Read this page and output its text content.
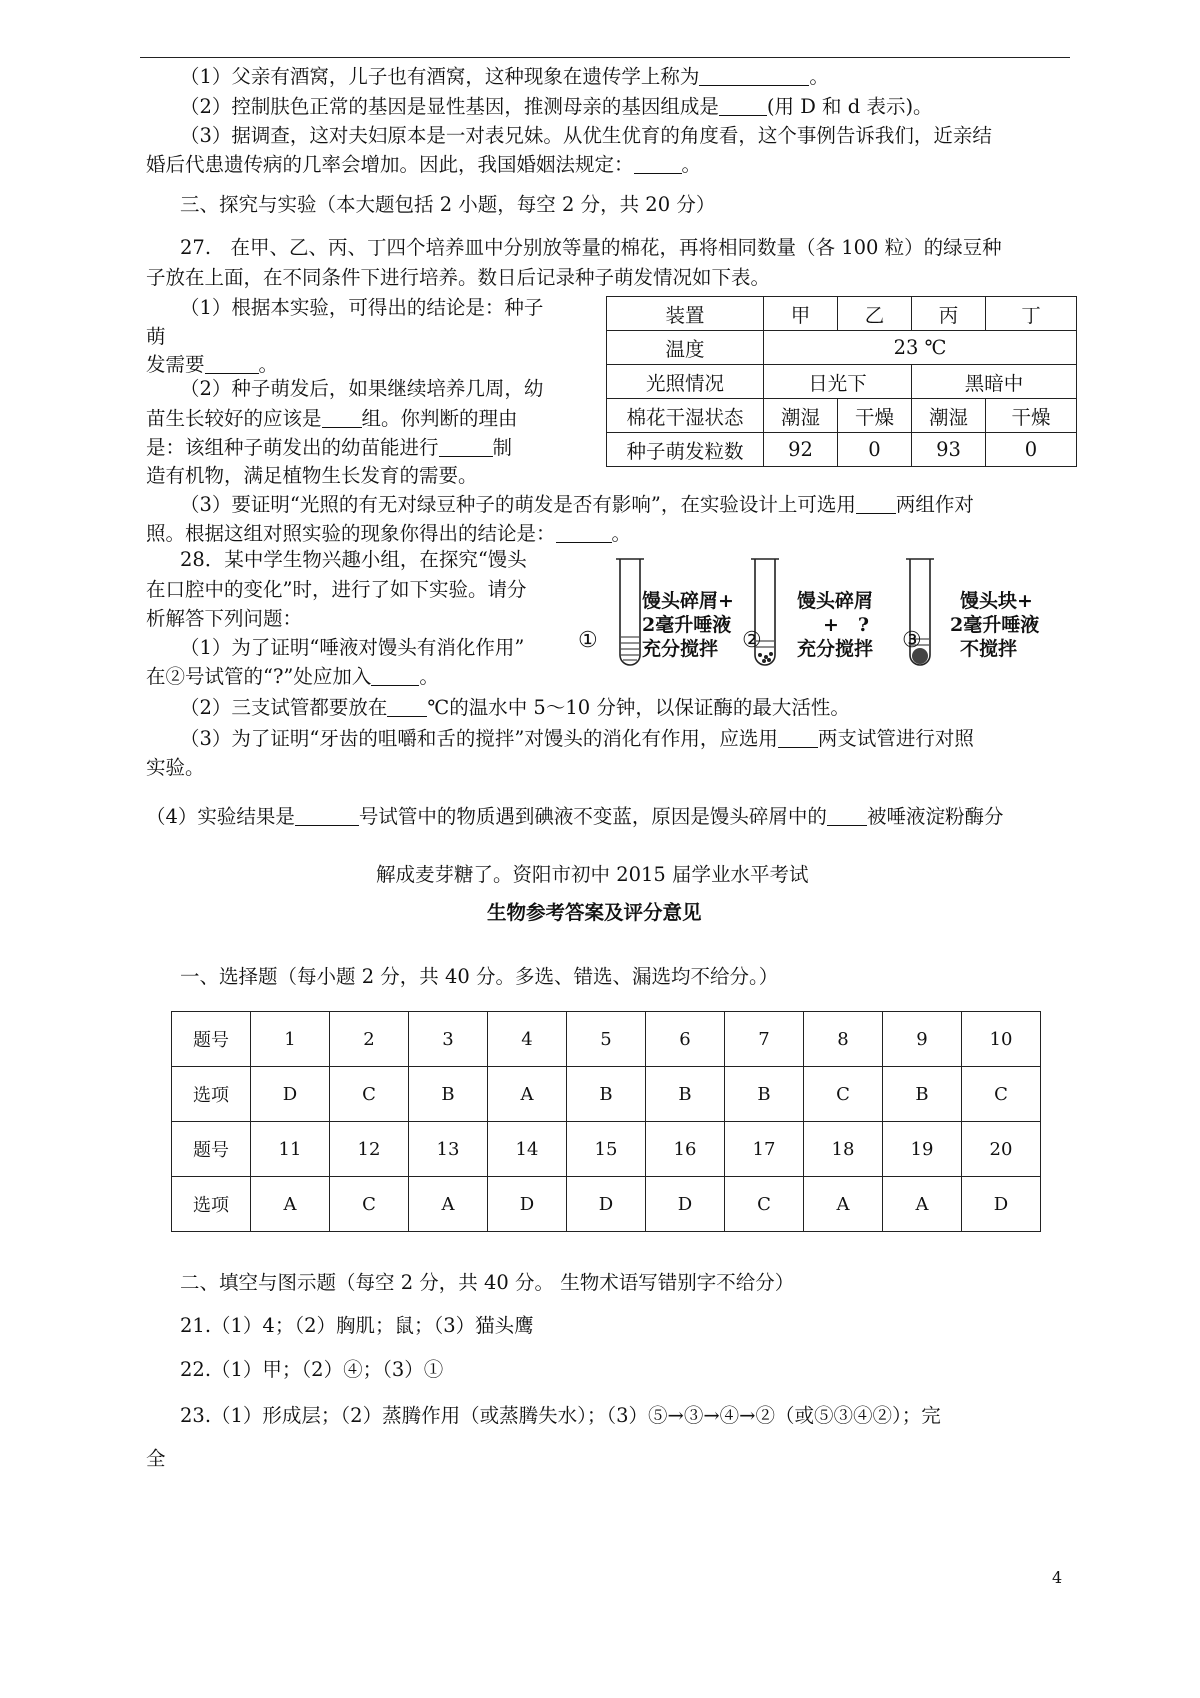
（1）父亲有酒窝，儿子也有酒窝，这种现象在遗传学上称为	。
（2）控制肤色正常的基因是显性基因，推测母亲的基因组成是 (用 D 和 d 表示)。
（3）据调查，这对夫妇原本是一对表兄妹。从优生优育的角度看，这个事例告诉我们，近亲结
婚后代患遗传病的几率会增加。因此，我国婚姻法规定： 。
三、探究与实验（本大题包括 2 小题，每空 2 分，共 20 分）
27.　在甲、乙、丙、丁四个培养皿中分别放等量的棉花，再将相同数量（各 100 粒）的绿豆种
子放在上面，在不同条件下进行培养。数日后记录种子萌发情况如下表。
（1）根据本实验，可得出的结论是：种子
萌
发需要	。
（2）种子萌发后，如果继续培养几周，幼
苗生长较好的应该是 组。你判断的理由
是：该组种子萌发出的幼苗能进行	制
造有机物，满足植物生长发育的需要。
（3）要证明“光照的有无对绿豆种子的萌发是否有影响”，在实验设计上可选用 两组作对
照。根据这组对照实验的现象你得出的结论是：	。
装置	甲	乙	丙	丁
温度	23 ℃			
光照情况	日光下		黑暗中	
棉花干湿状态	潮湿	干燥	潮湿	干燥
种子萌发粒数	92	0	93	0
28．某中学生物兴趣小组，在探究“馒头
在口腔中的变化”时，进行了如下实验。请分
析解答下列问题：
（1）为了证明“唾液对馒头有消化作用”
在②号试管的“?”处应加入 。
（2）三支试管都要放在 ℃的温水中 5～10 分钟，以保证酶的最大活性。
（3）为了证明“牙齿的咀嚼和舌的搅拌”对馒头的消化有作用，应选用 两支试管进行对照
实验。
（4）实验结果是	号试管中的物质遇到碘液不变蓝，原因是馒头碎屑中的 被唾液淀粉酶分
解成麦芽糖了。资阳市初中 2015 届学业水平考试
①
馒头碎屑+
2毫升唾液
充分搅拌	②
馒头碎屑
+　?
充分搅拌 ③
馒头块+
2毫升唾液
不搅拌
生物参考答案及评分意见
一、选择题（每小题 2 分，共 40 分。多选、错选、漏选均不给分。）
题号	1	2	3	4	5	6	7	8	9	10
选项	D	C	B	A	B	B	B	C	B	C
题号	11	12	13	14	15	16	17	18	19	20
选项	A	C	A	D	D	D	C	A	A	D
二、填空与图示题（每空 2 分，共 40 分。 生物术语写错别字不给分）
21.（1）4；（2）胸肌；鼠；（3）猫头鹰
22.（1）甲；（2）④；（3）①
23.（1）形成层；（2）蒸腾作用（或蒸腾失水）；（3）⑤→③→④→②（或⑤③④②）；完
全
4
